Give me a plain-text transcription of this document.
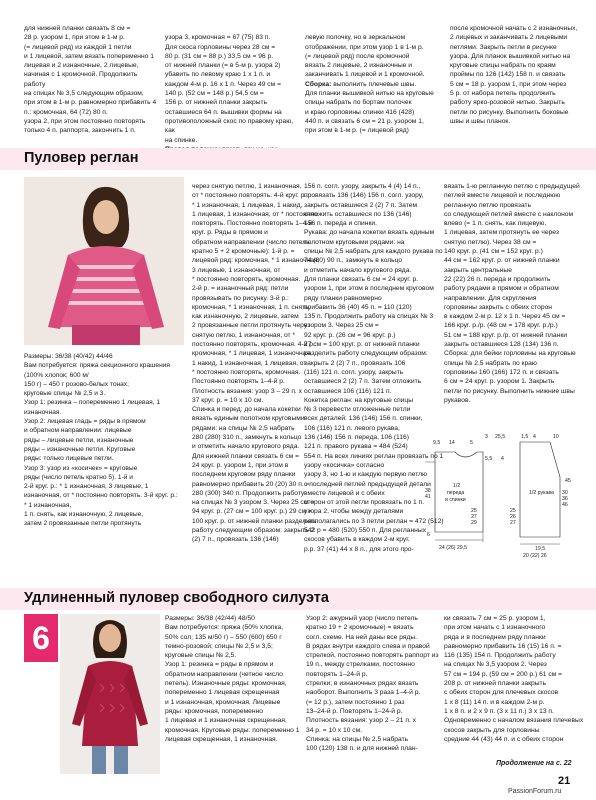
для нижней планки связать 8 см =
28 р. узором 1, при этом в 1-м р.
(= лицевой ряд) из каждой 1 петли
и 1 лицевой, затем вязать попеременно 1 лицевая и 2 изнаночные, 2 лицевые, начиная с 1 кромочной. Продолжить работу
на спицах № 3,5 следующим образом,
при этом в 1-м р. равномерно прибавить 4 п.: кромочная, 64 (72) 80 п.
узора 2, при этом постоянно повторять
только 4 п. раппорта, закончить 1 п.

узора 3, кромочная = 67 (75) 83 п.
Для скоса горловины через 28 см =
80 р. (31 см = 88 р.) 33,5 см = 96 р.
от нижней планки (= в 5-м р. узора 2)
убавить по левому краю 1 х 1 п. и
каждом 4-м р. 16 х 1 п. Через 49 см =
140 р. (52 см = 148 р.) 54,5 см =
156 р. от нижней планки закрыть
оставшиеся 64 п. вышивки формы на
противоположный скос по правому краю, как
на спинке.

левую полочку, но в зеркальном отображении, при этом узор 1 в 1-м р.
(= лицевой ряд) после кромочной
вязать 2 лицевые, 2 изнаночные и заканчивать 1 лицевой и 1 кромочной.
Сборка: выполнить плечевые швы.
Для планки вышивкой нитью на круговые спицы набрать по бортам полочек
и краю горловины спинки 416 (428)
440 п. и связать 6 см = 21 р. узором 1,
при этом в 1-м р. (= лицевой ряд)

после кромочной начать с 2 изнаночных, 2 лицевых и заканчивать 2 лицевыми петлями. Закрыть петли в рисунке
узора. Для планок вышивкой нитью на
круговые спицы набрать по краям
проймы по 126 (142) 158 п. и связать
5 см = 18 р. узором 1, при этом через
5 р. от набора петель продолжить
работу ярко-розовой нитью. Закрыть
петли по рисунку. Выполнить боковые
швы и швы планок.
Пуловер реглан
Размеры: 36/38 (40/42) 44/46
Вам потребуется: пряжа секционного крашения (100% хлопок; 600 м/
150 г) – 450 г розово-белых тонах;
круговые спицы № 2,5 и 3.
Узор 1: резинка – попеременно 1 лицевая, 1 изнаночная.
Узор 2: лицевая гладь = ряды в прямом
и обратном направлении: лицевые
ряды – лицевые петли, изнаночные
ряды – изнаночные петли. Круговые
ряды: только лицевые петли.
Узор 3: узор из «косичек» = круговые
ряды (число петель кратно 5). 1-й и
2-й круг. р.: * 1 изнаночная, 3 лицевые, 1 изнаночная, от * постоянно повторять. 3-й круг. р.: * 1 изнаночная,
1 п. снять, как изнаночную, 2 лицевые,
затем 2 провязанные петли протянуть
через снятую петлю, 1 изнаночная,
от * постоянно повторять. 4-й круг. р.:
* 1 изнаночная, 1 лицевая, 1 накид,
1 лицевая, 1 изнаночная, от * постоянно повторять. Постоянно повторять 1–4-й круг. р. Ряды в прямом и
обратном направлении (число петель
кратно 5 + 2 кромочные): 1-й р. =
лицевой ряд: кромочная, * 1 изнаночная, 3 лицевые, 1 изнаночная, от
* постоянно повторять, кромочная.
2-й р. = изнаночный ряд: петли
провязывать по рисунку. 3-й р.: кромочная, * 1 изнаночная, 1 п. снять,
как изнаночную, 2 лицевые, затем
2 провязанные петли протянуть через
снятую петлю, 1 изнаночная, от * постоянно повторять, кромочная. 4-й р.:
кромочная, * 1 лицевая, 1 изнаночная,
1 накид, 1 изнаночная, 1 лицевая, от
* постоянно повторять, кромочная.
Постоянно повторять 1–4-й р.
Плотность вязания: узор 3 – 29 п. х
37 круг. р. = 10 х 10 см.
Спинка и перед: до начала кокетки
вязать единым полотном круговыми
рядами: на спицы № 2,5 набрать
280 (280) 310 п., замкнуть в кольцо
и отметить начало кругового ряда.
Для нижней планки связать 6 см =
24 круг. р. узором 1, при этом в последнем круговом ряду планки равномерно прибавить 20 (20) 30 п. =
280 (300) 340 п. Продолжить работу
на спицах № 3 узором 3. Через 25 см =
94 круг. р. (27 см = 100 круг. р.) 29 см =
100 круг. р. от нижней планки разделить работу следующим образом: закрыть 2 (2) 7 п., провязать 136 (146)
156 п. согл. узору, закрыть 4 (4) 14 п.,
провязать 136 (146) 156 п. согл. узору,
закрыть оставшиеся 2 (2) 7 п. Затем
отложить оставшиеся по 136 (146)
156 п. переда и спинки.
Рукава: до начала кокетки вязать единым полотном круговыми рядами: на
спицы № 2,5 набрать для каждого рукава по 74 (80) 90 п., замкнуть в кольцо
и отметить начало кругового ряда.
Для планки связать 6 см = 24 круг. р.
узором 1, при этом в последнем круговом ряду планки равномерно
прибавить 36 (40) 45 п. = 110 (120)
135 п. Продолжить работу на спицах № 3 узором 3. Через 25 см =
92 круг. р. (26 см = 96 круг. р.)
27 см = 100 круг. р. от нижней планки разделить работу следующим образом:
закрыть 2 (2) 7 п., провязать 106
(116) 121 п. согл. узору, закрыть
оставшиеся 2 (2) 7 п. Затем отложить
оставшиеся 106 (116) 121 п.
Кокетка реглан: на круговые спицы
№ 3 перевести отложенные петли
всех деталей: 136 (146) 156 п. спинки,
106 (116) 121 п. левого рукава,
136 (146) 156 п. переда, 106 (116)
121 п. правого рукава = 484 (524)
554 п. На всех линиях реглан провязать по 1 узору «косичка» согласно
узору 3, но 1-ю и каждую первую петлю
с последней петлей предыдущей детали вместе лицевой и с обеих
сторон от этой петли провязать по 1 п.
узора 2, чтобы между деталями располагались по 3 петли реглан = 472 (512)
542 р = 480 (520) 550 п. Для регланных
скосов убавить в каждом 2-м круг.
р.р. 37 (41) 44 х 8 п., для этого про-
вязать 1-ю регланную петлю с предыдущей петлей вместе лицевой и последнюю регланную петлю провязать
со следующей петлей вместе с наклоном влево (= 1 п. снять, как лицевую,
1 лицевая, затем протянуть ее через
снятую петлю). Через 38 см =
140 круг. р. (41 см = 152 круг. р.)
44 см = 162 круг. р. от нижней планки закрыть центральные
22 (22) 26 п. переда и продолжить
работу рядами в прямом и обратном направлении. Для скругления
горловины закрыть с обеих сторон
в каждом 2-м р. 12 х 1 п. Через 45 см =
166 круг. р./р. (48 см = 178 круг. р./р.)
51 см = 188 круг. р./р. от нижней планки закрыть оставшиеся 128 (134) 136 п.
Сборка: для бейки горловины на круговые спицы № 2,5 набрать по краю
горловины 160 (166) 172 п. и связать
6 см = 24 круг. р. узором 1. Закрыть
петли по рисунку. Выполнить нижние швы рукавов.
9,5 14	5
3 25,5	1,5 4	10
45
38
41
1/2
переда
и спинки
25
27
29
6
24 (26) 29,5
1/2 рукава 30
36
46
19,5
20 (22) 26
25
26
27
5,5 4
Удлиненный пуловер свободного силуэта
6
Размеры: 36/38 (42/44) 48/50
Вам потребуется: пряжа (50% хлопка,
50% сол; 135 м/50 г) – 550 (600) 650 г
темно-розовой; спицы № 2,5 и 3,5;
круговые спицы № 2,5.
Узор 1: резинка = ряды в прямом и
обратном направлении (четное число
петель). Изнаночные ряды: кромочная,
попеременно 1 лицевая скрещенная
и 1 изнаночная, кромочная. Лицевые
ряды: кромочная, попеременно
1 лицевая и 1 изнаночная скрещенная,
кромочная. Круговые ряды: попеременно 1 лицевая скрещенная, 1 изнаночная.
Узор 2: ажурный узор (число петель
кратно 19 + 2 кромочные) = вязать
согл. схеме. На ней даны все ряды.
В рядах внутри каждого слева и правой стрелкой, постоянно повторять раппорт из 19 п., между стрелками, постоянно повторять 1–24-й р.
стрелки; в изнаночных рядах вязать
наоборот. Выполнить 3 раза 1–4-й р.
(= 12 р.), затем постоянно 1 раз
13–24-й р. Повторять 1–24-й р.
Плотность вязания: узор 2 – 21 п. х
34 р. = 10 х 10 см.
Спинка: на спицы № 2,5 набрать
100 (120) 138 п. и для нижней план-
ки связать 7 см = 25 р. узором 1,
при этом начать с 1 изнаночного
ряда и в последнем ряду планки
равномерно прибавить 16 (15) 16 п. =
116 (135) 154 п. Продолжить работу
на спицах № 3,5 узором 2. Через
57 см = 194 р. (59 см = 200 р.) 61 см =
208 р. от нижней планки закрыть
с обеих сторон для плечевых скосов
1 х 8 (11) 14 п. и в каждом 2-м р.
1 х 8 п. и 2 х 9 п. (3 х 11 п.) 3 х 13 п.
Одновременно с началом вязания плечевых скосов закрыть для горловины
средние 44 (43) 44 п. и с обеих сторон
Продолжение на с. 22
21
PassionForum.ru
